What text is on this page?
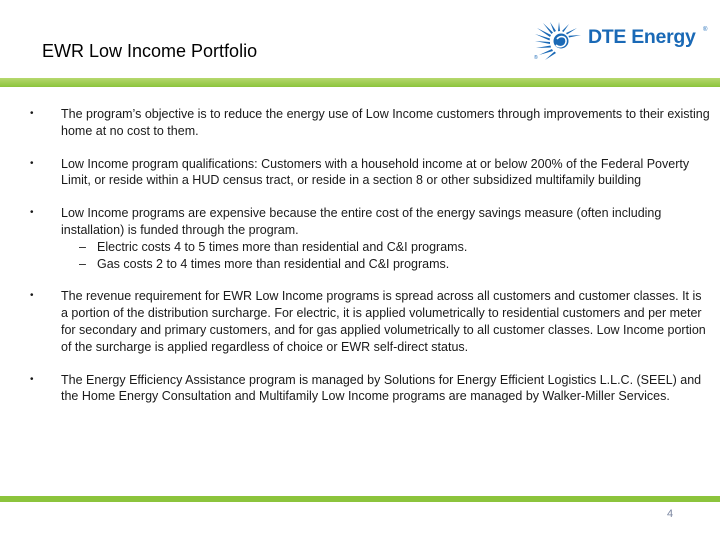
EWR Low Income Portfolio
DTE Energy ®
®
• The program’s objective is to reduce the energy use of Low Income customers through improvements to their existing home at no cost to them.
• Low Income program qualifications: Customers with a household income at or below 200% of the Federal Poverty Limit, or reside within a HUD census tract, or reside in a section 8 or other subsidized multifamily building
• Low Income programs are expensive because the entire cost of the energy savings measure (often including installation) is funded through the program.
– Electric costs 4 to 5 times more than residential and C&I programs.
– Gas costs 2 to 4 times more than residential and C&I programs.
• The revenue requirement for EWR Low Income programs is spread across all customers and customer classes. It is a portion of the distribution surcharge. For electric, it is applied volumetrically to residential customers and per meter for secondary and primary customers, and for gas applied volumetrically to all customer classes. Low Income portion of the surcharge is applied regardless of choice or EWR self-direct status.
• The Energy Efficiency Assistance program is managed by Solutions for Energy Efficient Logistics L.L.C. (SEEL) and the Home Energy Consultation and Multifamily Low Income programs are managed by Walker-Miller Services.
4
